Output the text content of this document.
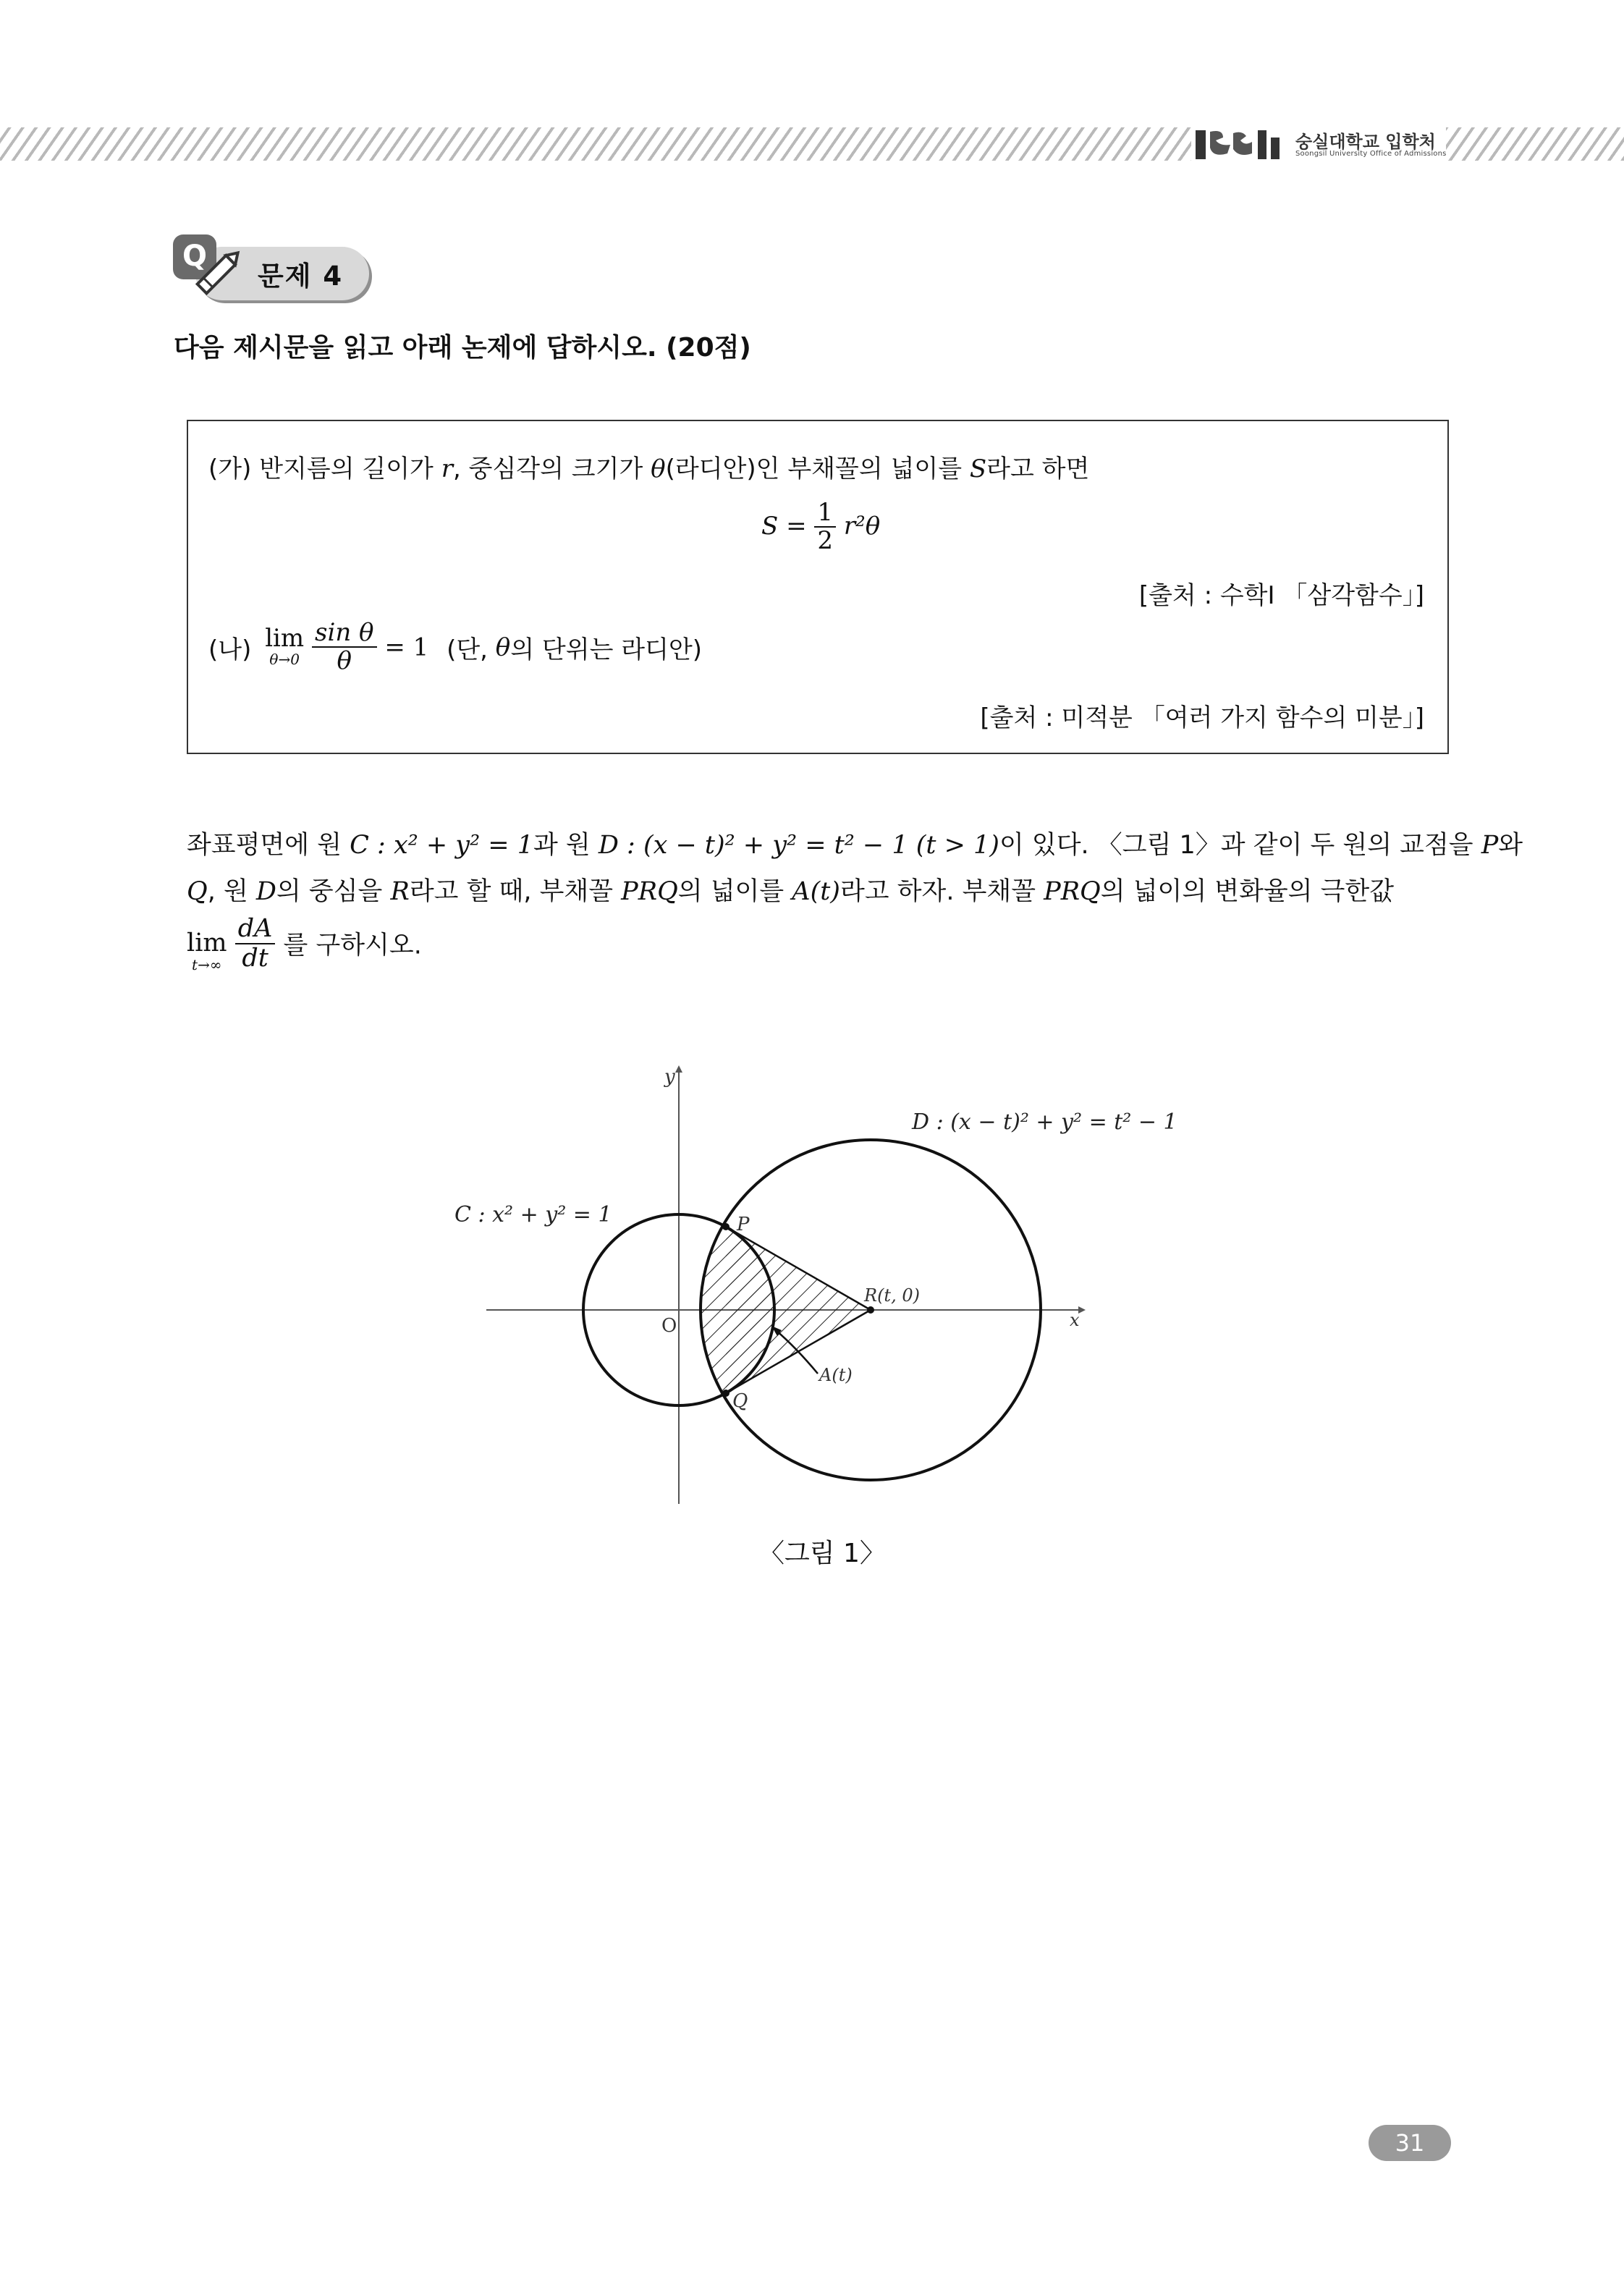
숭실대학교 입학처
Soongsil University Office of Admissions
Q
문제 4
다음 제시문을 읽고 아래 논제에 답하시오. (20점)
(가) 반지름의 길이가 r, 중심각의 크기가 θ(라디안)인 부채꼴의 넓이를 S라고 하면
$S = \frac{1}{2} r^2\theta$
[출처 : 수학Ⅰ 「삼각함수」]
(나) lim
θ→0
$\frac{\text{sin θ}}{\theta} = 1$ (단, θ의 단위는 라디안)
[출처 : 미적분 「여러 가지 함수의 미분」]
좌표평면에 원 C : x² + y² = 1과 원 D : (x − t)² + y² = t² − 1 (t > 1)이 있다. 〈그림 1〉과 같이 두 원의 교점을 P와
Q, 원 D의 중심을 R라고 할 때, 부채꼴 PRQ의 넓이를 A(t)라고 하자. 부채꼴 PRQ의 넓이의 변화율의 극한값
lim
t→∞
$\frac{dA}{dt}$ 를 구하시오.
y
x
O
P
Q
R(t, 0)
A(t)
C : x² + y² = 1
D : (x − t)² + y² = t² − 1
〈그림 1〉
31
